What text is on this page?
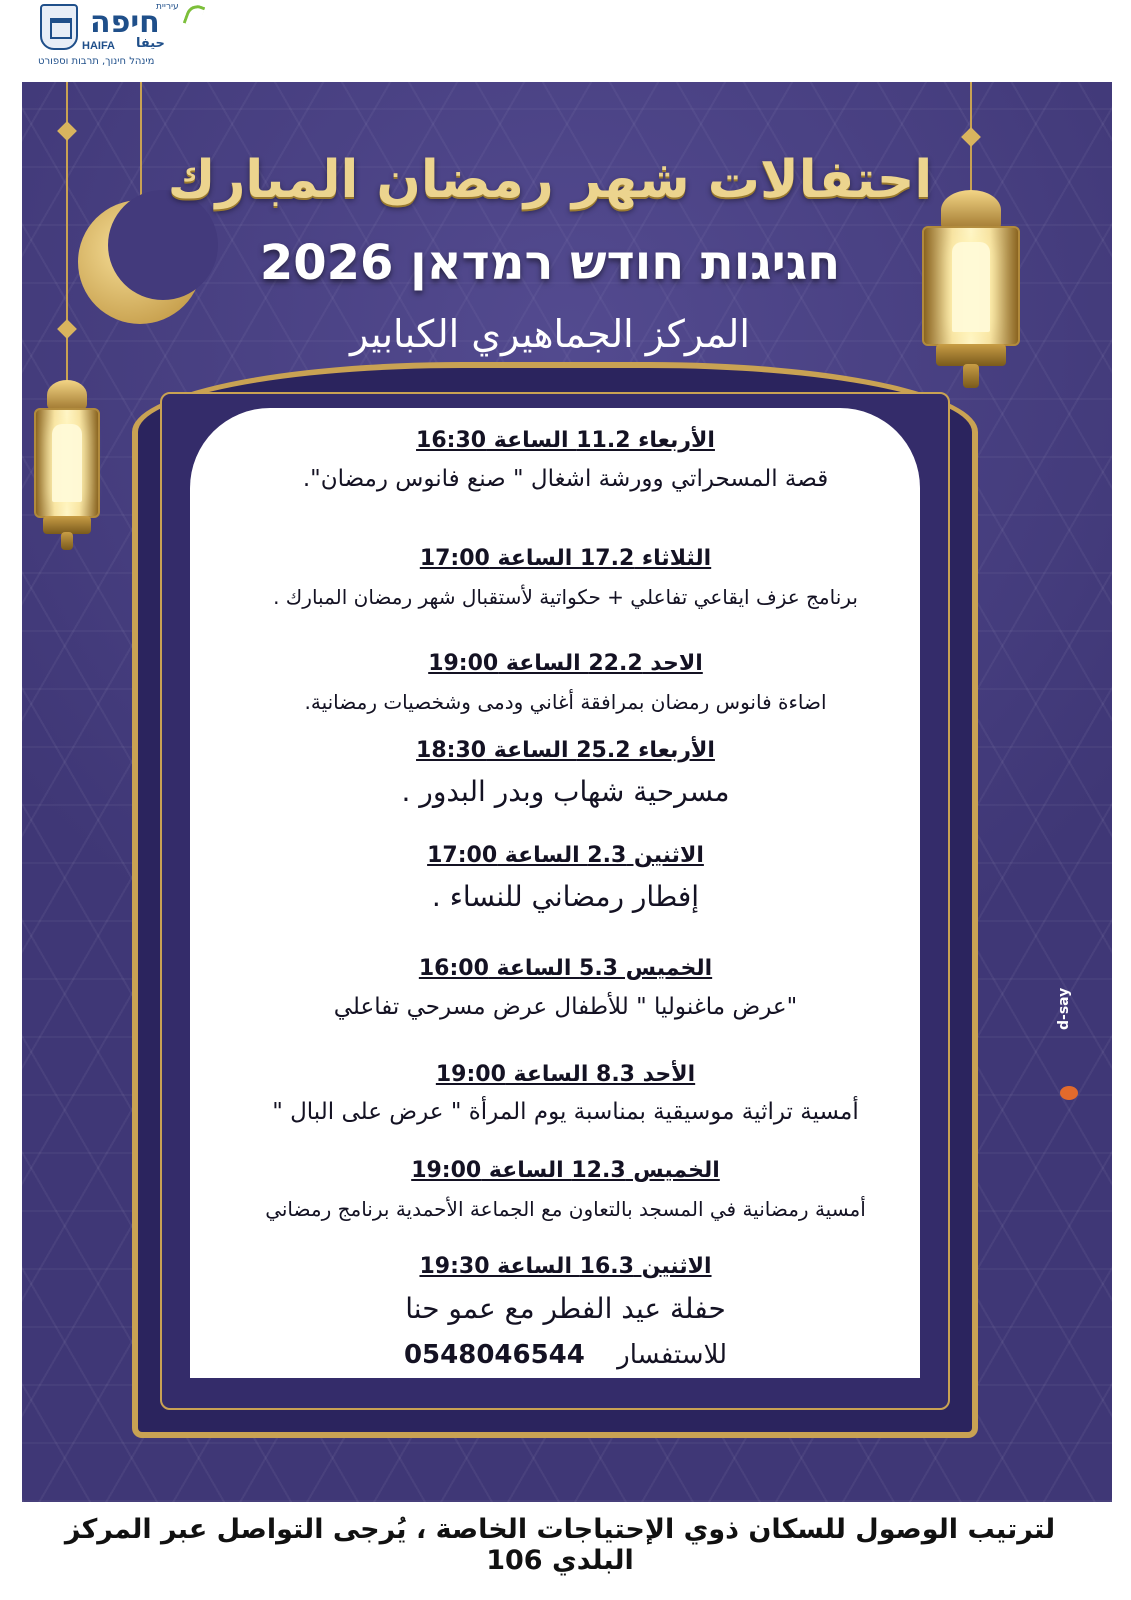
עיריית
חיפה
HAIFA حيفا
מינהל חינוך, תרבות וספורט
احتفالات شهر رمضان المبارك
חגיגות חודש רמדאן 2026
المركز الجماهيري الكبابير
الأربعاء 11.2 الساعة 16:30
قصة المسحراتي وورشة اشغال " صنع فانوس رمضان".
الثلاثاء 17.2 الساعة 17:00
برنامج عزف ايقاعي تفاعلي + حكواتية لأستقبال شهر رمضان المبارك .
الاحد 22.2 الساعة 19:00
اضاءة فانوس رمضان بمرافقة أغاني ودمى وشخصيات رمضانية.
الأربعاء 25.2 الساعة 18:30
مسرحية شهاب وبدر البدور .
الاثنين 2.3 الساعة 17:00
إفطار رمضاني للنساء .
الخميس 5.3 الساعة 16:00
"عرض ماغنوليا " للأطفال عرض مسرحي تفاعلي
الأحد 8.3 الساعة 19:00
أمسية تراثية موسيقية بمناسبة يوم المرأة " عرض على البال "
الخميس 12.3 الساعة 19:00
أمسية رمضانية في المسجد بالتعاون مع الجماعة الأحمدية برنامج رمضاني
الاثنين 16.3 الساعة 19:30
حفلة عيد الفطر مع عمو حنا
للاستفسار 0548046544
d-say
لترتيب الوصول للسكان ذوي الإحتياجات الخاصة ، يُرجى التواصل عبر المركز البلدي 106
